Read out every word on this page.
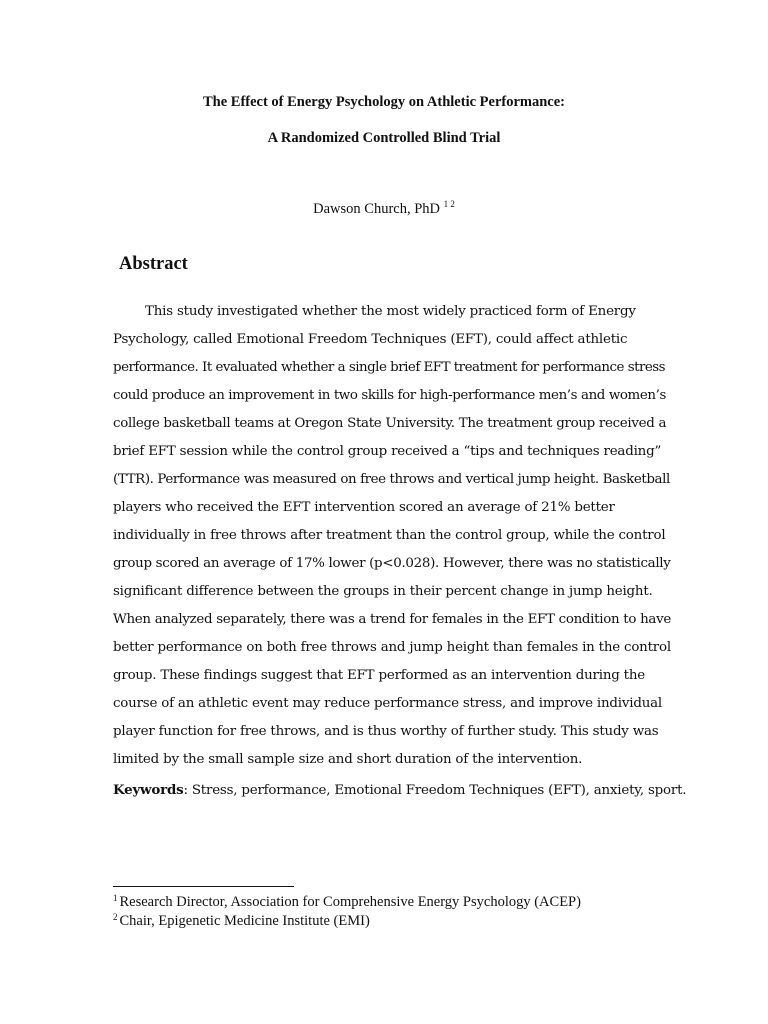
The Effect of Energy Psychology on Athletic Performance:
A Randomized Controlled Blind Trial
Dawson Church, PhD $^{1 2}$
Abstract
This study investigated whether the most widely practiced form of Energy
Psychology, called Emotional Freedom Techniques (EFT), could affect athletic
performance. It evaluated whether a single brief EFT treatment for performance stress
could produce an improvement in two skills for high-performance men’s and women’s
college basketball teams at Oregon State University. The treatment group received a
brief EFT session while the control group received a “tips and techniques reading”
(TTR). Performance was measured on free throws and vertical jump height. Basketball
players who received the EFT intervention scored an average of 21% better
individually in free throws after treatment than the control group, while the control
group scored an average of 17% lower (p<0.028). However, there was no statistically
significant difference between the groups in their percent change in jump height.
When analyzed separately, there was a trend for females in the EFT condition to have
better performance on both free throws and jump height than females in the control
group. These findings suggest that EFT performed as an intervention during the
course of an athletic event may reduce performance stress, and improve individual
player function for free throws, and is thus worthy of further study. This study was
limited by the small sample size and short duration of the intervention.
Keywords: Stress, performance, Emotional Freedom Techniques (EFT), anxiety, sport.
$^1$ Research Director, Association for Comprehensive Energy Psychology (ACEP)
$^2$ Chair, Epigenetic Medicine Institute (EMI)
